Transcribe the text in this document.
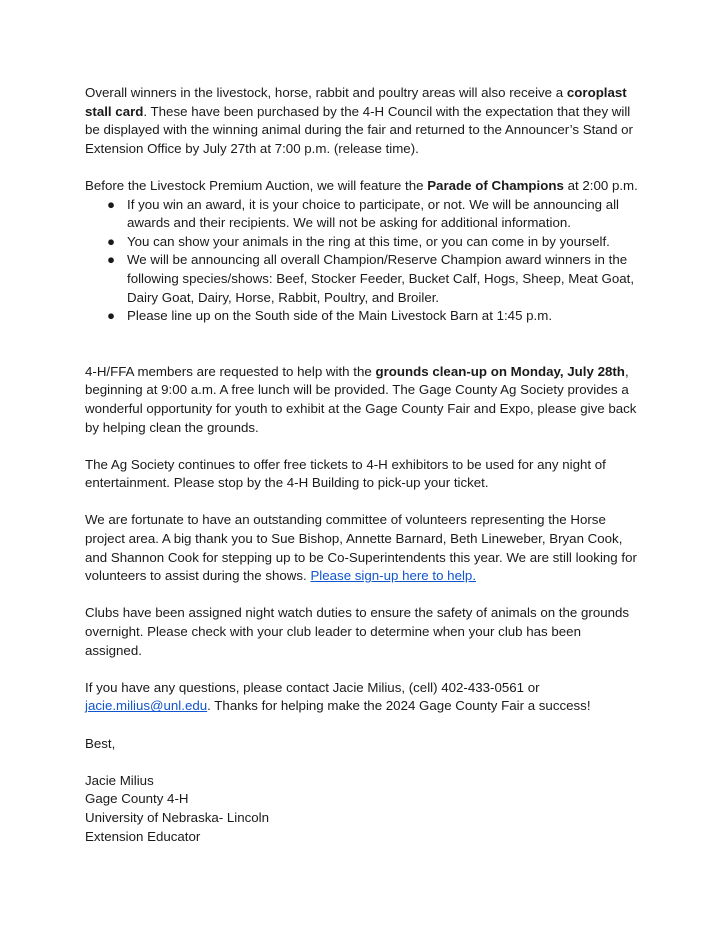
Overall winners in the livestock, horse, rabbit and poultry areas will also receive a coroplast stall card. These have been purchased by the 4-H Council with the expectation that they will be displayed with the winning animal during the fair and returned to the Announcer’s Stand or Extension Office by July 27th at 7:00 p.m. (release time).

Before the Livestock Premium Auction, we will feature the Parade of Champions at 2:00 p.m.

● If you win an award, it is your choice to participate, or not. We will be announcing all awards and their recipients. We will not be asking for additional information.
● You can show your animals in the ring at this time, or you can come in by yourself.
● We will be announcing all overall Champion/Reserve Champion award winners in the following species/shows: Beef, Stocker Feeder, Bucket Calf, Hogs, Sheep, Meat Goat, Dairy Goat, Dairy, Horse, Rabbit, Poultry, and Broiler.
● Please line up on the South side of the Main Livestock Barn at 1:45 p.m.

4-H/FFA members are requested to help with the grounds clean-up on Monday, July 28th, beginning at 9:00 a.m. A free lunch will be provided. The Gage County Ag Society provides a wonderful opportunity for youth to exhibit at the Gage County Fair and Expo, please give back by helping clean the grounds.

The Ag Society continues to offer free tickets to 4-H exhibitors to be used for any night of entertainment. Please stop by the 4-H Building to pick-up your ticket.

We are fortunate to have an outstanding committee of volunteers representing the Horse project area. A big thank you to Sue Bishop, Annette Barnard, Beth Lineweber, Bryan Cook, and Shannon Cook for stepping up to be Co-Superintendents this year. We are still looking for volunteers to assist during the shows. Please sign-up here to help.

Clubs have been assigned night watch duties to ensure the safety of animals on the grounds overnight. Please check with your club leader to determine when your club has been assigned.

If you have any questions, please contact Jacie Milius, (cell) 402-433-0561 or jacie.milius@unl.edu. Thanks for helping make the 2024 Gage County Fair a success!

Best,

Jacie Milius

Gage County 4-H

University of Nebraska- Lincoln

Extension Educator
